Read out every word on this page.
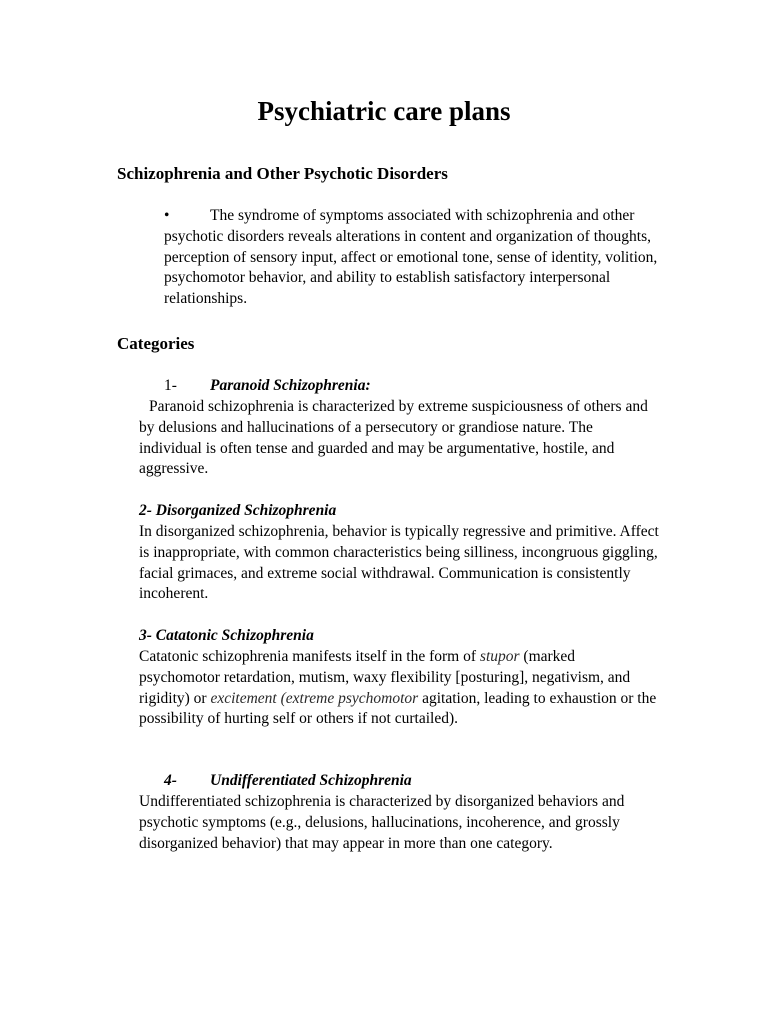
Psychiatric care plans
Schizophrenia and Other Psychotic Disorders

•	The syndrome of symptoms associated with schizophrenia and other psychotic disorders reveals alterations in content and organization of thoughts, perception of sensory input, affect or emotional tone, sense of identity, volition, psychomotor behavior, and ability to establish satisfactory interpersonal relationships.

Categories

1- Paranoid Schizophrenia:

Paranoid schizophrenia is characterized by extreme suspiciousness of others and by delusions and hallucinations of a persecutory or grandiose nature. The individual is often tense and guarded and may be argumentative, hostile, and aggressive.

2- Disorganized Schizophrenia

In disorganized schizophrenia, behavior is typically regressive and primitive. Affect is inappropriate, with common characteristics being silliness, incongruous giggling, facial grimaces, and extreme social withdrawal. Communication is consistently incoherent.

3- Catatonic Schizophrenia

Catatonic schizophrenia manifests itself in the form of stupor (marked psychomotor retardation, mutism, waxy flexibility [posturing], negativism, and rigidity) or excitement (extreme psychomotor agitation, leading to exhaustion or the possibility of hurting self or others if not curtailed).

4- Undifferentiated Schizophrenia

Undifferentiated schizophrenia is characterized by disorganized behaviors and psychotic symptoms (e.g., delusions, hallucinations, incoherence, and grossly disorganized behavior) that may appear in more than one category.
